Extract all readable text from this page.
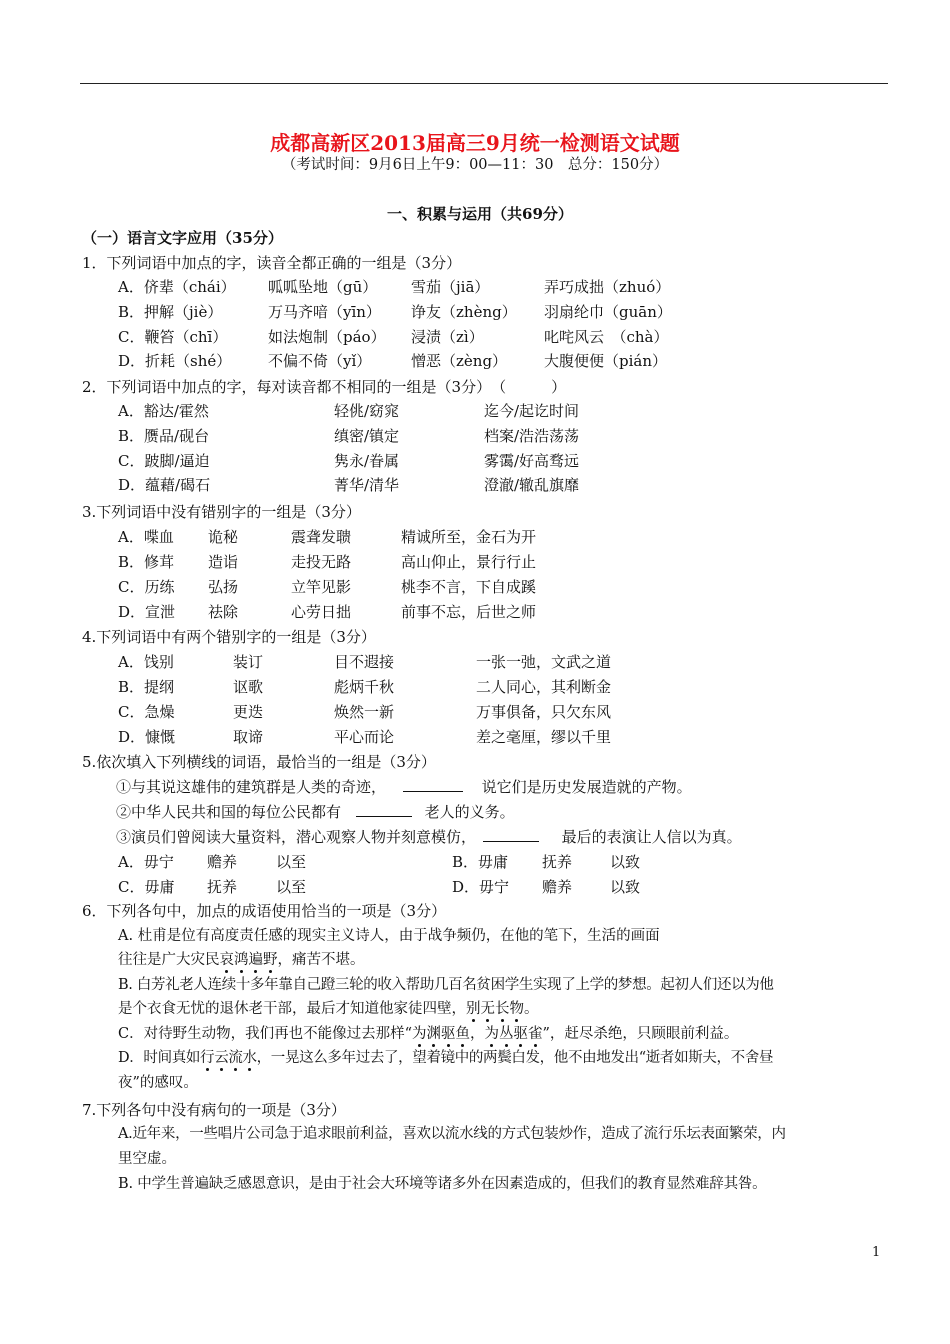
成都高新区2013届高三9月统一检测语文试题
（考试时间：9月6日上午9：00—11：30　总分：150分）
一、积累与运用（共69分）
（一）语言文字应用（35分）
1．下列词语中加点的字，读音全都正确的一组是（3分）
A．侪辈（chái） 呱呱坠地（gū） 雪茄（jiā）	弄巧成拙（zhuó）
B．押解（jiè）	万马齐喑（yīn） 诤友（zhèng） 羽扇纶巾（guān）
C．鞭笞（chī）	如法炮制（páo） 浸渍（zì）	叱咤风云　（chà）
D．折耗（shé） 不偏不倚（yǐ）	憎恶（zèng） 大腹便便（pián）
2．下列词语中加点的字，每对读音都不相同的一组是（3分）　（　　　）
A．豁达/霍然	轻佻/窈窕	迄今/起讫时间
B．赝品/砚台	缜密/镇定	档案/浩浩荡荡
C．跛脚/逼迫	隽永/眷属	雾霭/好高骛远
D．蕴藉/碣石	菁华/清华	澄澈/辙乱旗靡
3.下列词语中没有错别字的一组是（3分）
A．喋血 诡秘	震聋发聩	精诚所至，金石为开
B．修茸 造诣	走投无路	高山仰止，景行行止
C．历练 弘扬	立竿见影	桃李不言，下自成蹊
D．宣泄 祛除	心劳日拙	前事不忘，后世之师
4.下列词语中有两个错别字的一组是（3分）
A．饯别	装订	目不遐接	一张一弛，文武之道
B．提纲	讴歌	彪炳千秋	二人同心，其利断金
C．急燥	更迭	焕然一新	万事俱备，只欠东风
D．慷慨	取谛	平心而论	差之毫厘，缪以千里
5.依次填入下列横线的词语，最恰当的一组是（3分）
①与其说这雄伟的建筑群是人类的奇迹，	说它们是历史发展造就的产物。
②中华人民共和国的每位公民都有	老人的义务。
③演员们曾阅读大量资料，潜心观察人物并刻意模仿，	最后的表演让人信以为真。
A．毋宁 赡养	以至	B．毋庸 抚养	以致
C．毋庸 抚养	以至	D．毋宁 赡养	以致
6．下列各句中，加点的成语使用恰当的一项是（3分）
A. 杜甫是位有高度责任感的现实主义诗人，由于战争频仍，在他的笔下，生活的画面
往往是广大灾民哀鸿遍野，痛苦不堪。
B. 白芳礼老人连续十多年靠自己蹬三轮的收入帮助几百名贫困学生实现了上学的梦想。起初人们还以为他
是个衣食无忧的退休老干部，最后才知道他家徒四壁，别无长物。
C．对待野生动物，我们再也不能像过去那样“为渊驱鱼，为丛驱雀”，赶尽杀绝，只顾眼前利益。
D．时间真如行云流水，一晃这么多年过去了，望着镜中的两鬓白发，他不由地发出“逝者如斯夫，不舍昼
夜”的感叹。
7.下列各句中没有病句的一项是（3分）
A.近年来，一些唱片公司急于追求眼前利益，喜欢以流水线的方式包装炒作，造成了流行乐坛表面繁荣，内
里空虚。
B. 中学生普遍缺乏感恩意识，是由于社会大环境等诸多外在因素造成的，但我们的教育显然难辞其咎。
1
